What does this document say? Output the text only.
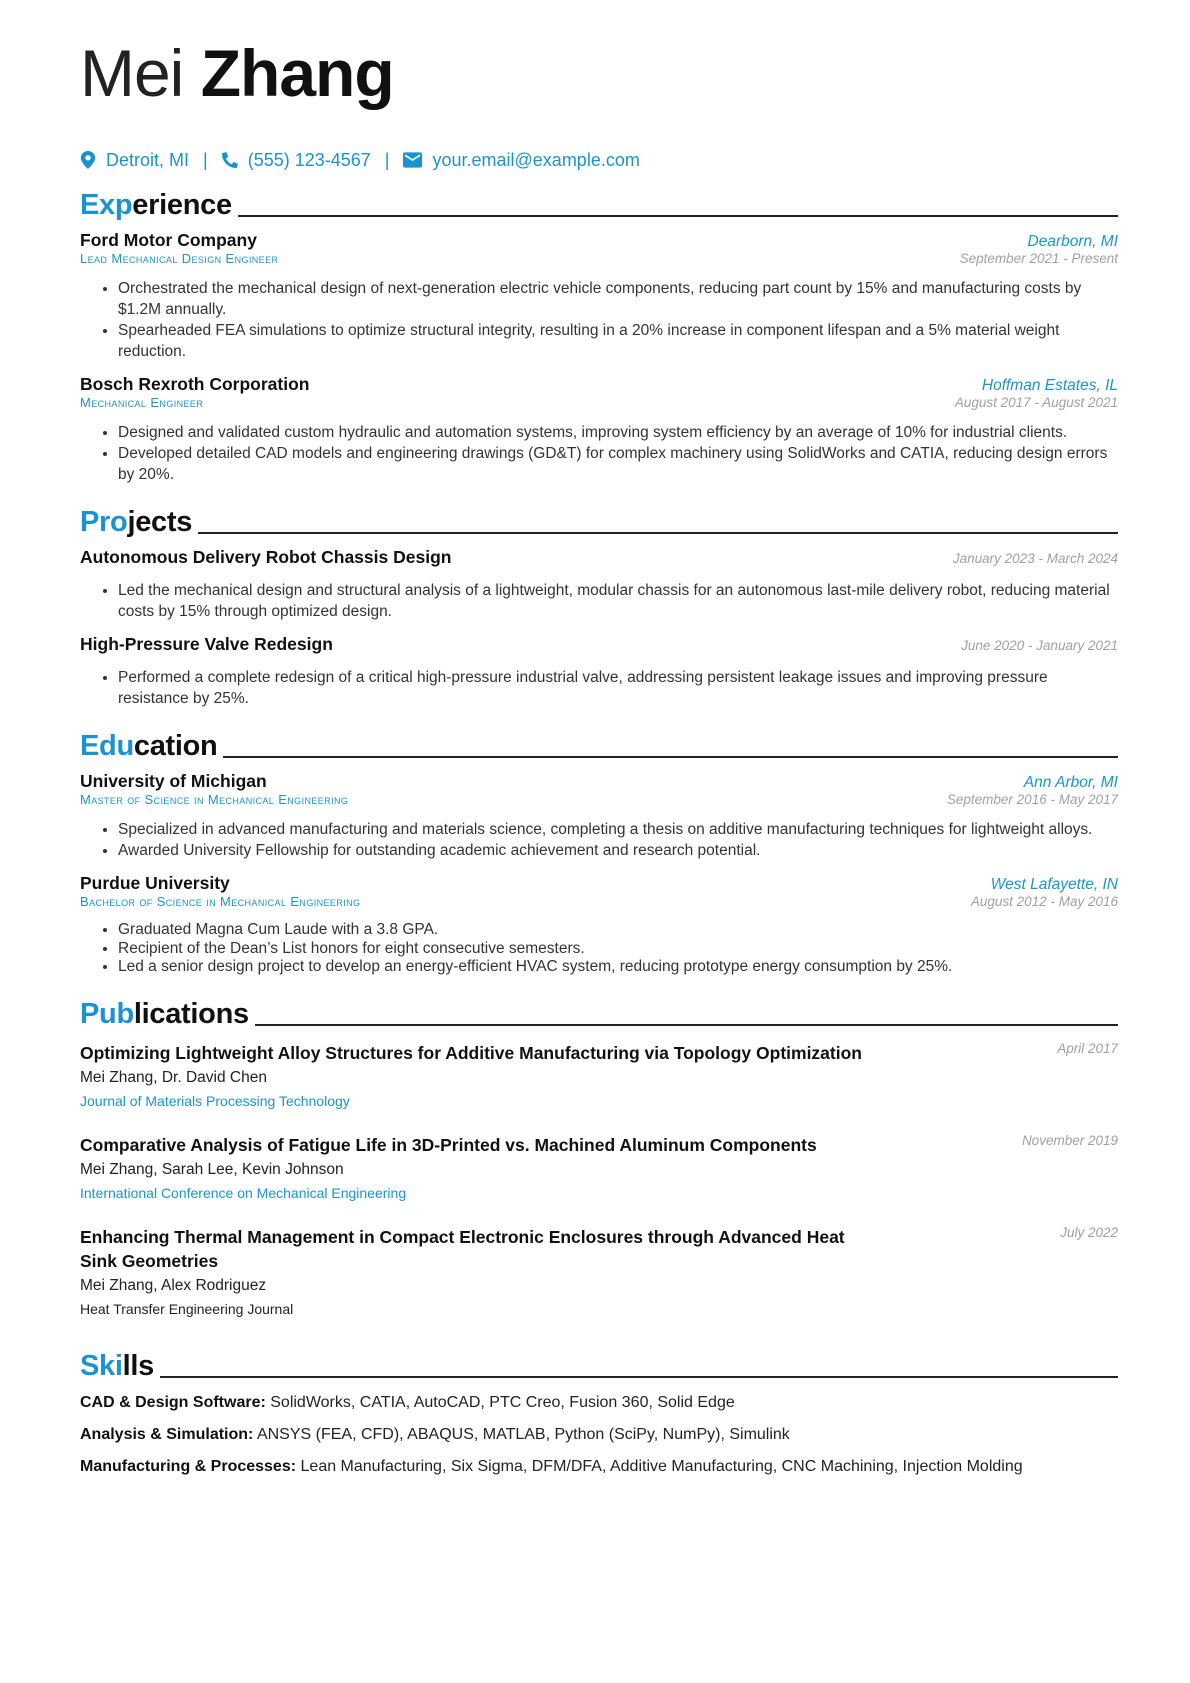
Mei Zhang
Detroit, MI | (555) 123-4567 | your.email@example.com
Experience
Ford Motor Company	Dearborn, MI
Lead Mechanical Design Engineer	September 2021 - Present
• Orchestrated the mechanical design of next-generation electric vehicle components, reducing part count by 15% and manufacturing costs by $1.2M annually.
• Spearheaded FEA simulations to optimize structural integrity, resulting in a 20% increase in component lifespan and a 5% material weight reduction.
Bosch Rexroth Corporation	Hoffman Estates, IL
Mechanical Engineer	August 2017 - August 2021
• Designed and validated custom hydraulic and automation systems, improving system efficiency by an average of 10% for industrial clients.
• Developed detailed CAD models and engineering drawings (GD&T) for complex machinery using SolidWorks and CATIA, reducing design errors by 20%.
Projects
Autonomous Delivery Robot Chassis Design	January 2023 - March 2024
• Led the mechanical design and structural analysis of a lightweight, modular chassis for an autonomous last-mile delivery robot, reducing material costs by 15% through optimized design.
High-Pressure Valve Redesign	June 2020 - January 2021
• Performed a complete redesign of a critical high-pressure industrial valve, addressing persistent leakage issues and improving pressure resistance by 25%.
Education
University of Michigan	Ann Arbor, MI
Master of Science in Mechanical Engineering	September 2016 - May 2017
• Specialized in advanced manufacturing and materials science, completing a thesis on additive manufacturing techniques for lightweight alloys.
• Awarded University Fellowship for outstanding academic achievement and research potential.
Purdue University	West Lafayette, IN
Bachelor of Science in Mechanical Engineering	August 2012 - May 2016
• Graduated Magna Cum Laude with a 3.8 GPA.
• Recipient of the Dean’s List honors for eight consecutive semesters.
• Led a senior design project to develop an energy-efficient HVAC system, reducing prototype energy consumption by 25%.
Publications
Optimizing Lightweight Alloy Structures for Additive Manufacturing via Topology Optimization	April 2017
Mei Zhang, Dr. David Chen
Journal of Materials Processing Technology
Comparative Analysis of Fatigue Life in 3D-Printed vs. Machined Aluminum Components	November 2019
Mei Zhang, Sarah Lee, Kevin Johnson
International Conference on Mechanical Engineering
Enhancing Thermal Management in Compact Electronic Enclosures through Advanced Heat Sink Geometries
July 2022
Mei Zhang, Alex Rodriguez
Heat Transfer Engineering Journal
Skills
CAD & Design Software: SolidWorks, CATIA, AutoCAD, PTC Creo, Fusion 360, Solid Edge
Analysis & Simulation: ANSYS (FEA, CFD), ABAQUS, MATLAB, Python (SciPy, NumPy), Simulink
Manufacturing & Processes: Lean Manufacturing, Six Sigma, DFM/DFA, Additive Manufacturing, CNC Machining, Injection Molding
